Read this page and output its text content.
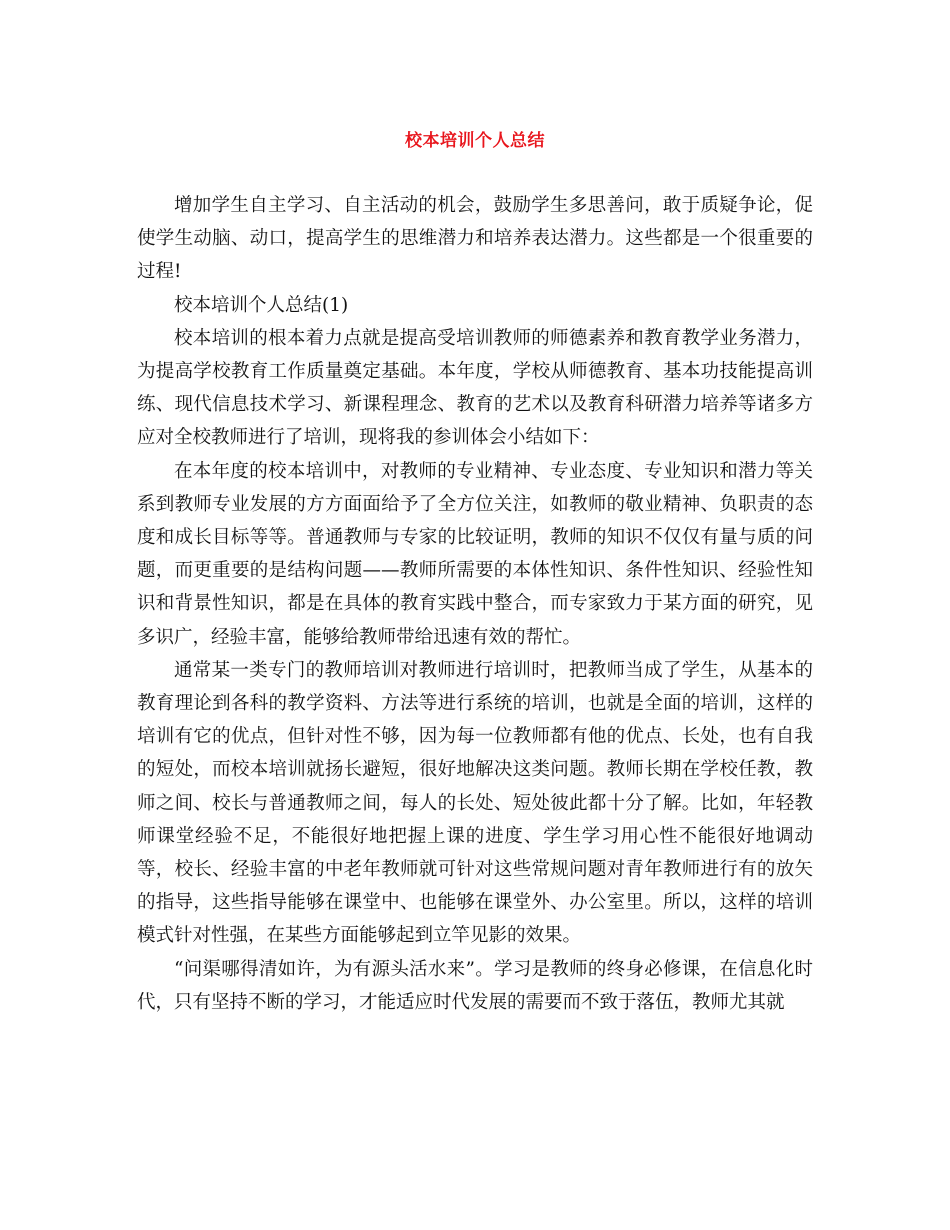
校本培训个人总结

增加学生自主学习、自主活动的机会，鼓励学生多思善问，敢于质疑争论，促使学生动脑、动口，提高学生的思维潜力和培养表达潜力。这些都是一个很重要的过程!

校本培训个人总结(1)

校本培训的根本着力点就是提高受培训教师的师德素养和教育教学业务潜力，为提高学校教育工作质量奠定基础。本年度，学校从师德教育、基本功技能提高训练、现代信息技术学习、新课程理念、教育的艺术以及教育科研潜力培养等诸多方应对全校教师进行了培训，现将我的参训体会小结如下：

在本年度的校本培训中，对教师的专业精神、专业态度、专业知识和潜力等关系到教师专业发展的方方面面给予了全方位关注，如教师的敬业精神、负职责的态度和成长目标等等。普通教师与专家的比较证明，教师的知识不仅仅有量与质的问题，而更重要的是结构问题——教师所需要的本体性知识、条件性知识、经验性知识和背景性知识，都是在具体的教育实践中整合，而专家致力于某方面的研究，见多识广，经验丰富，能够给教师带给迅速有效的帮忙。

通常某一类专门的教师培训对教师进行培训时，把教师当成了学生，从基本的教育理论到各科的教学资料、方法等进行系统的培训，也就是全面的培训，这样的培训有它的优点，但针对性不够，因为每一位教师都有他的优点、长处，也有自我的短处，而校本培训就扬长避短，很好地解决这类问题。教师长期在学校任教，教师之间、校长与普通教师之间，每人的长处、短处彼此都十分了解。比如，年轻教师课堂经验不足，不能很好地把握上课的进度、学生学习用心性不能很好地调动等，校长、经验丰富的中老年教师就可针对这些常规问题对青年教师进行有的放矢的指导，这些指导能够在课堂中、也能够在课堂外、办公室里。所以，这样的培训模式针对性强，在某些方面能够起到立竿见影的效果。

“问渠哪得清如许，为有源头活水来”。学习是教师的终身必修课，在信息化时代，只有坚持不断的学习，才能适应时代发展的需要而不致于落伍，教师尤其就
